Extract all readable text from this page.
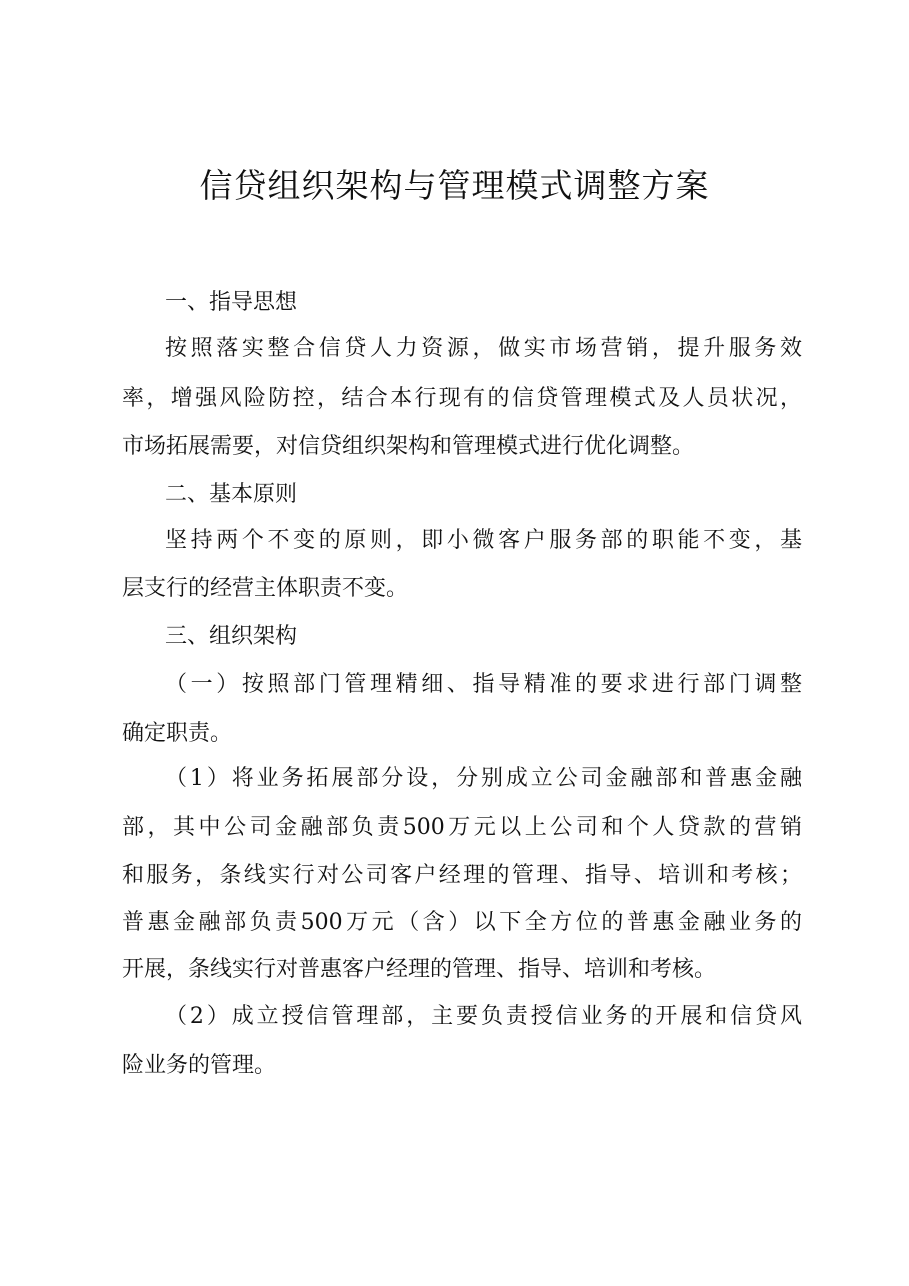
信贷组织架构与管理模式调整方案

一、指导思想

按照落实整合信贷人力资源，做实市场营销，提升服务效

率，增强风险防控，结合本行现有的信贷管理模式及人员状况，

市场拓展需要，对信贷组织架构和管理模式进行优化调整。

二、基本原则

坚持两个不变的原则，即小微客户服务部的职能不变，基

层支行的经营主体职责不变。

三、组织架构

（一）按照部门管理精细、指导精准的要求进行部门调整

确定职责。

（1）将业务拓展部分设，分别成立公司金融部和普惠金融

部，其中公司金融部负责500万元以上公司和个人贷款的营销

和服务，条线实行对公司客户经理的管理、指导、培训和考核；

普惠金融部负责500万元（含）以下全方位的普惠金融业务的

开展，条线实行对普惠客户经理的管理、指导、培训和考核。

（2）成立授信管理部，主要负责授信业务的开展和信贷风

险业务的管理。
